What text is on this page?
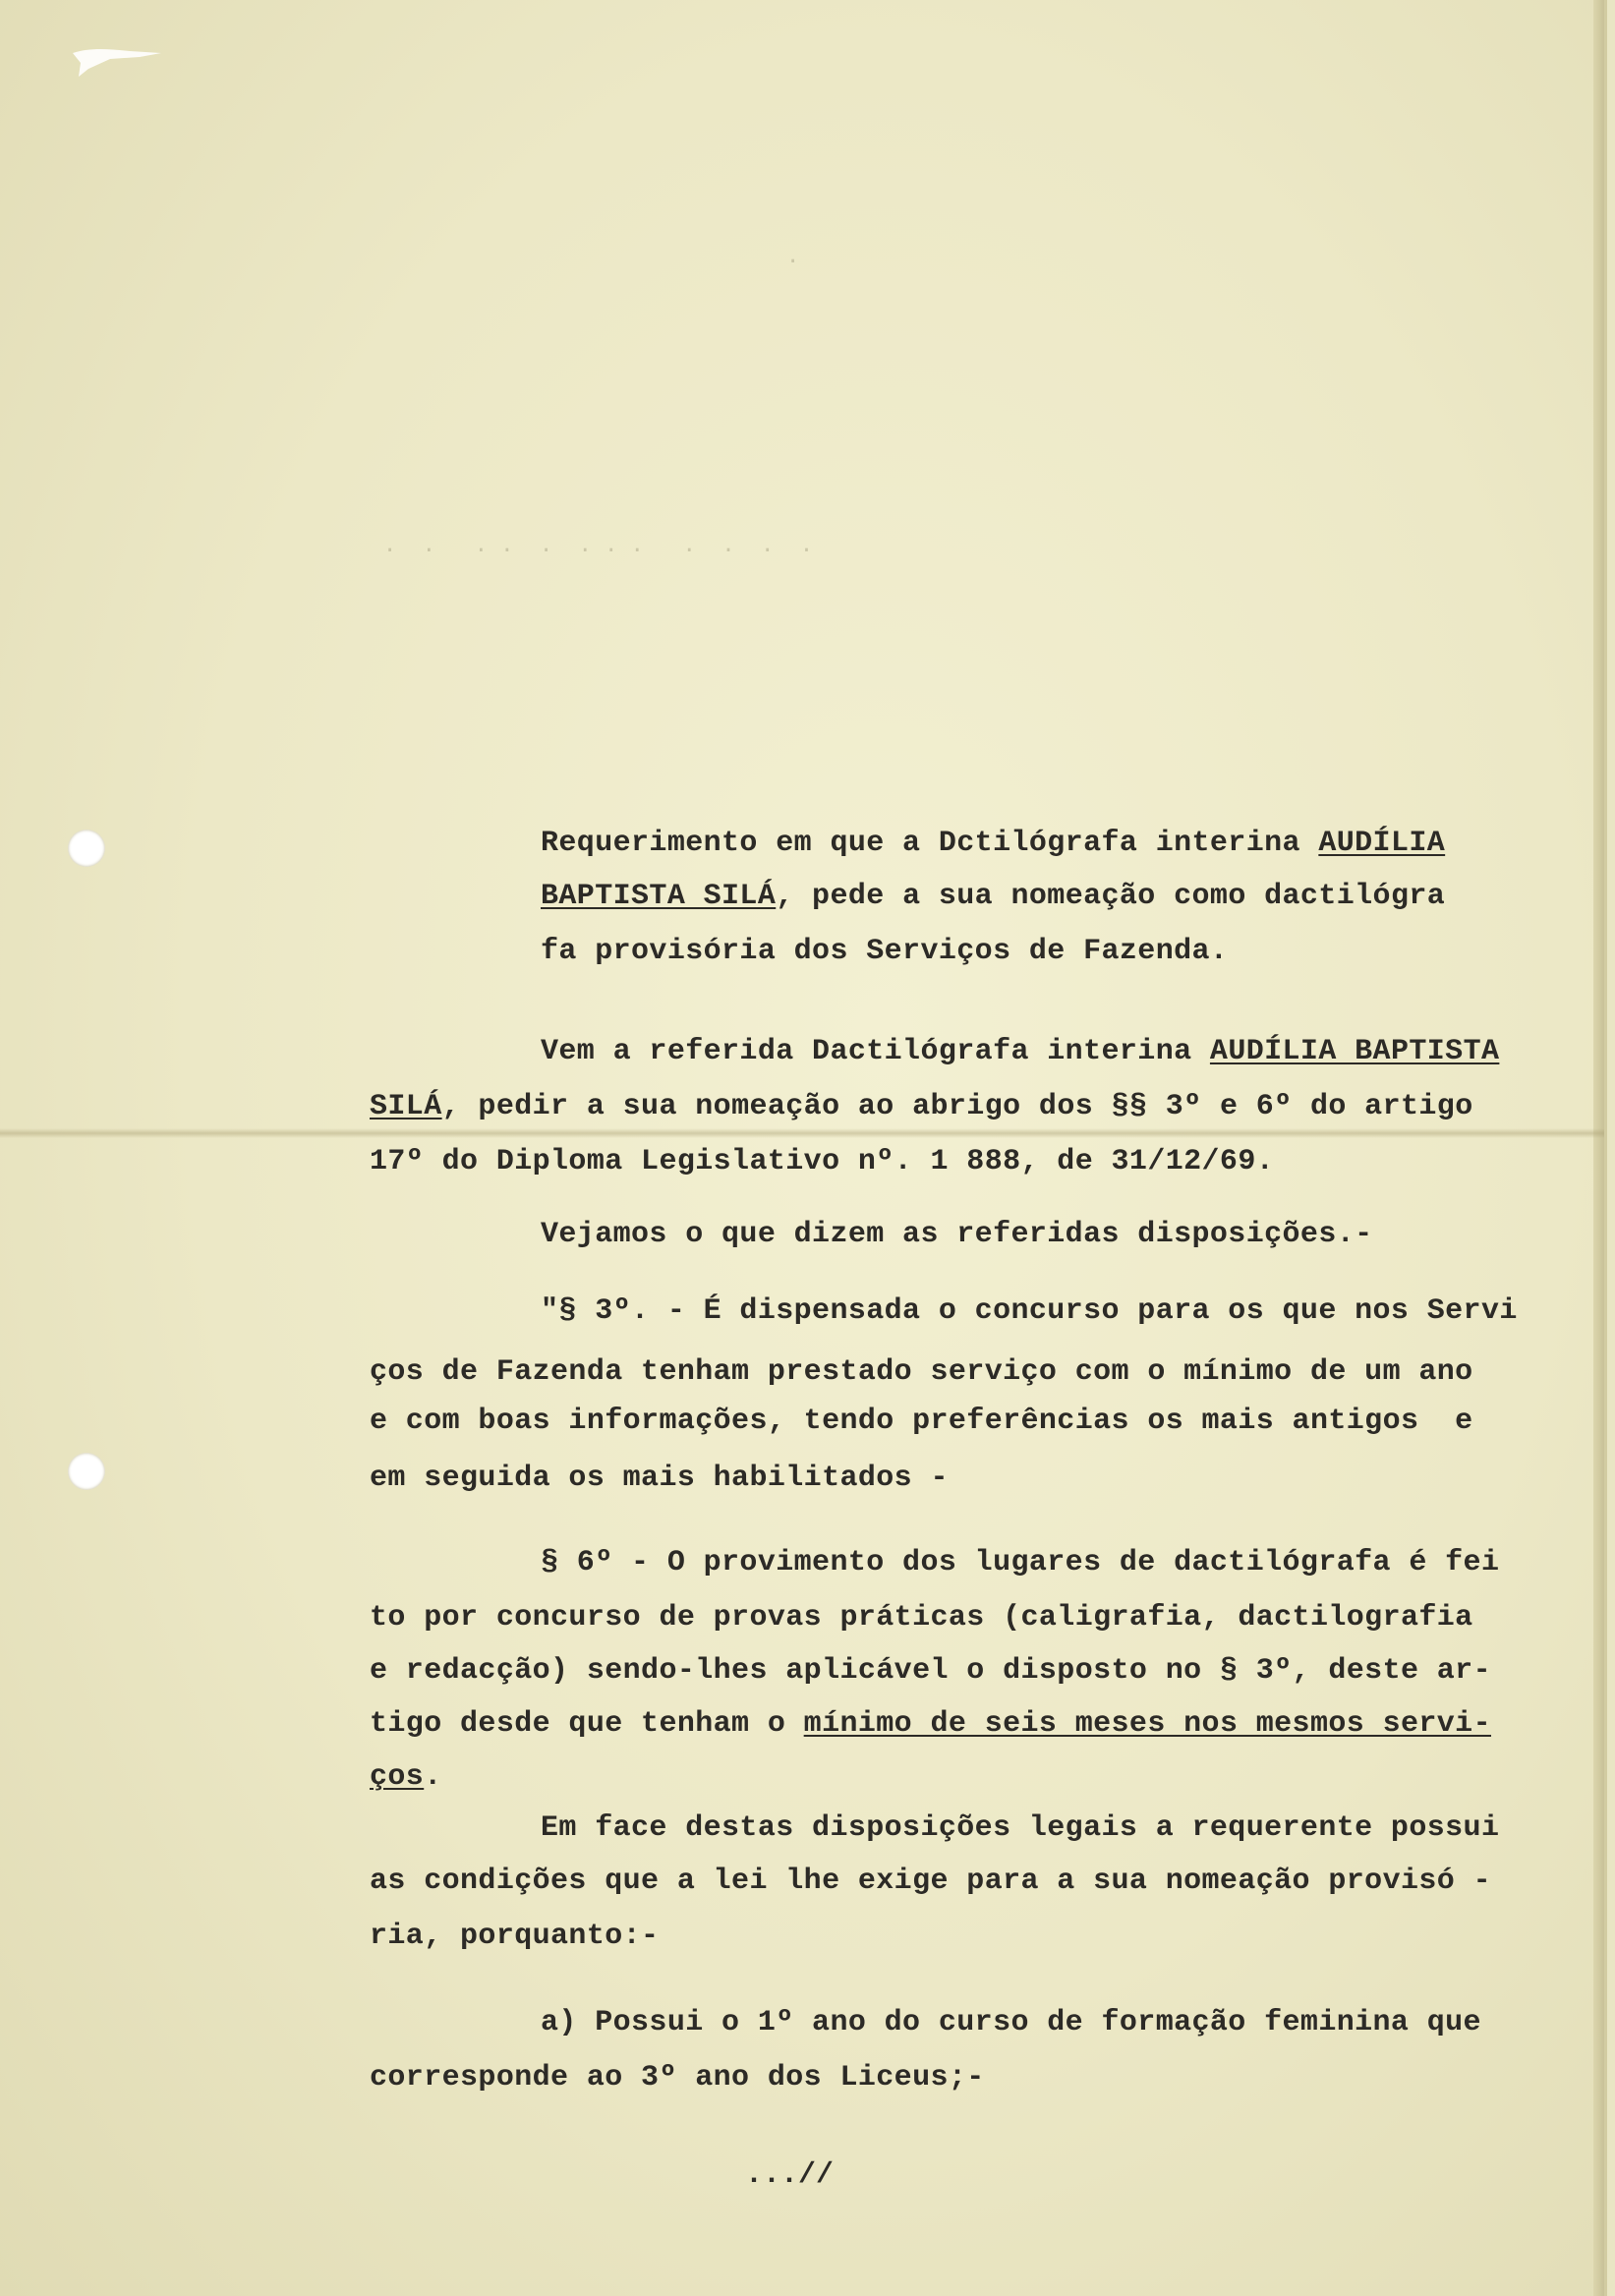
.
·  ·   · ·  ·  · · ·   ·  ·  ·  ·

Requerimento em que a Dctilógrafa interina AUDÍLIA

BAPTISTA SILÁ, pede a sua nomeação como dactilógra

fa provisória dos Serviços de Fazenda.

Vem a referida Dactilógrafa interina AUDÍLIA BAPTISTA

SILÁ, pedir a sua nomeação ao abrigo dos §§ 3º e 6º do artigo

17º do Diploma Legislativo nº. 1 888, de 31/12/69.

Vejamos o que dizem as referidas disposições.-

"§ 3º. - É dispensada o concurso para os que nos Servi

ços de Fazenda tenham prestado serviço com o mínimo de um ano

e com boas informações, tendo preferências os mais antigos  e

em seguida os mais habilitados -

§ 6º - O provimento dos lugares de dactilógrafa é fei

to por concurso de provas práticas (caligrafia, dactilografia

e redacção) sendo-lhes aplicável o disposto no § 3º, deste ar-

tigo desde que tenham o mínimo de seis meses nos mesmos servi-

ços.

Em face destas disposições legais a requerente possui

as condições que a lei lhe exige para a sua nomeação provisó -

ria, porquanto:-

a) Possui o 1º ano do curso de formação feminina que

corresponde ao 3º ano dos Liceus;-

...//
